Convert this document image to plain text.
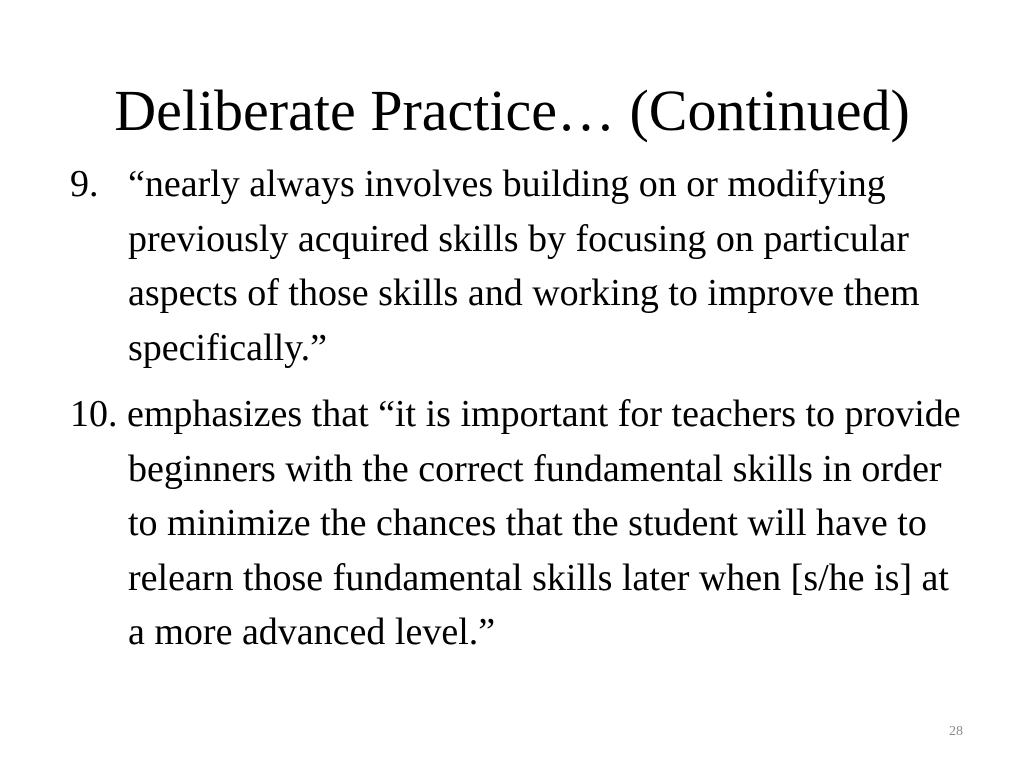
Deliberate Practice… (Continued)
9. “nearly always involves building on or modifying previously acquired skills by focusing on particular aspects of those skills and working to improve them specifically.”
10. emphasizes that “it is important for teachers to provide beginners with the correct fundamental skills in order to minimize the chances that the student will have to relearn those fundamental skills later when [s/he is] at a more advanced level.”
28
